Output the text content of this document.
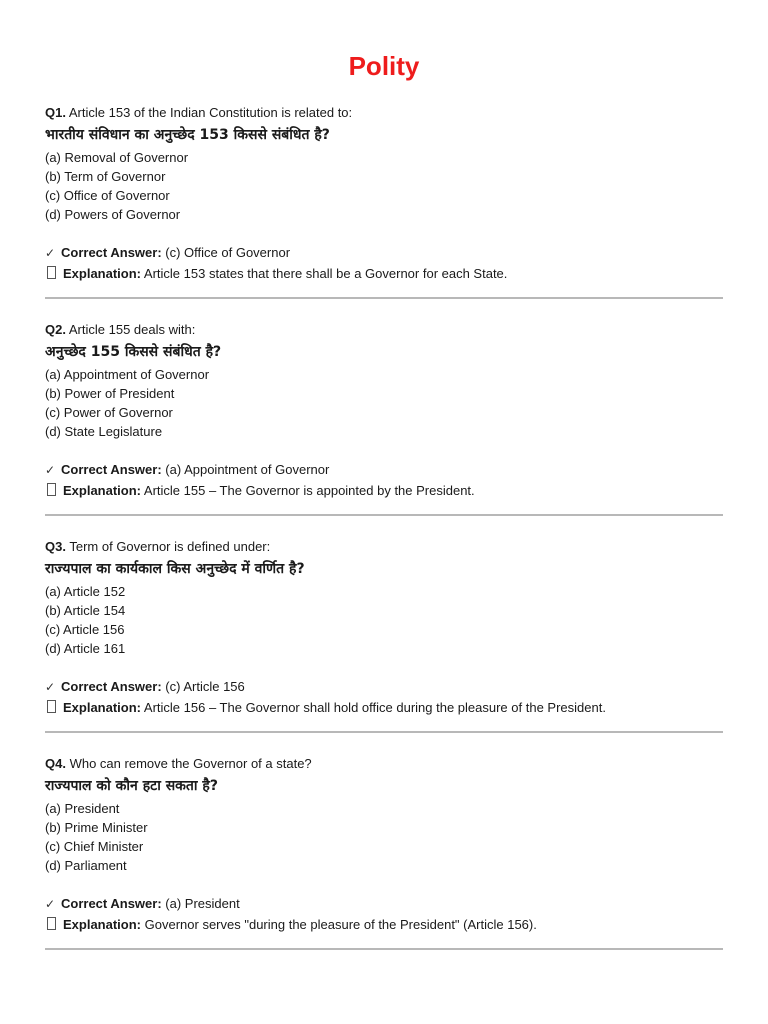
Polity

Q1. Article 153 of the Indian Constitution is related to:

भारतीय संविधान का अनुच्छेद 153 किससे संबंधित है?

(a) Removal of Governor
(b) Term of Governor
(c) Office of Governor
(d) Powers of Governor

✓ Correct Answer: (c) Office of Governor

Explanation: Article 153 states that there shall be a Governor for each State.

Q2. Article 155 deals with:

अनुच्छेद 155 किससे संबंधित है?

(a) Appointment of Governor
(b) Power of President
(c) Power of Governor
(d) State Legislature

✓ Correct Answer: (a) Appointment of Governor

Explanation: Article 155 – The Governor is appointed by the President.

Q3. Term of Governor is defined under:

राज्यपाल का कार्यकाल किस अनुच्छेद में वर्णित है?

(a) Article 152
(b) Article 154
(c) Article 156
(d) Article 161

✓ Correct Answer: (c) Article 156

Explanation: Article 156 – The Governor shall hold office during the pleasure of the President.

Q4. Who can remove the Governor of a state?

राज्यपाल को कौन हटा सकता है?

(a) President
(b) Prime Minister
(c) Chief Minister
(d) Parliament

✓ Correct Answer: (a) President

Explanation: Governor serves "during the pleasure of the President" (Article 156).
